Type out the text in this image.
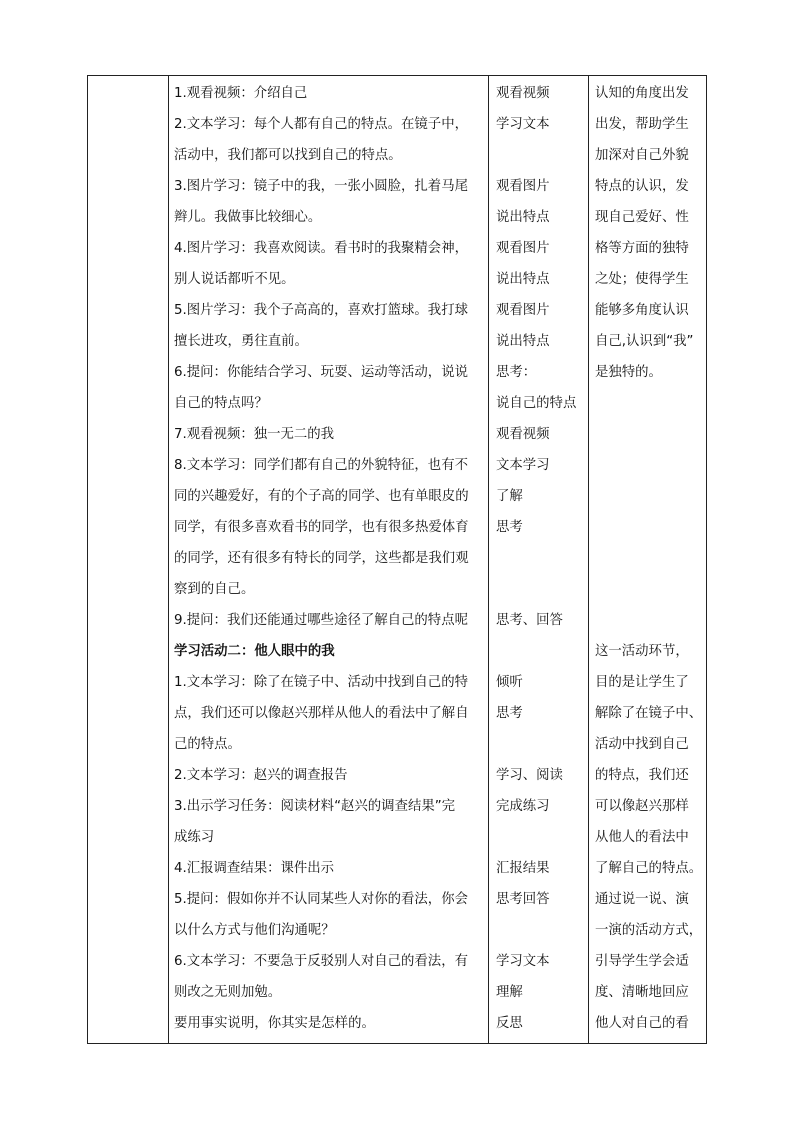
1.观看视频：介绍自己
2.文本学习：每个人都有自己的特点。在镜子中，
活动中，我们都可以找到自己的特点。
3.图片学习：镜子中的我，一张小圆脸，扎着马尾
辫儿。我做事比较细心。
4.图片学习：我喜欢阅读。看书时的我聚精会神，
别人说话都听不见。
5.图片学习：我个子高高的，喜欢打篮球。我打球
擅长进攻，勇往直前。
6.提问：你能结合学习、玩耍、运动等活动，说说
自己的特点吗？
7.观看视频：独一无二的我
8.文本学习：同学们都有自己的外貌特征，也有不
同的兴趣爱好，有的个子高的同学、也有单眼皮的
同学，有很多喜欢看书的同学，也有很多热爱体育
的同学，还有很多有特长的同学，这些都是我们观
察到的自己。
9.提问：我们还能通过哪些途径了解自己的特点呢
学习活动二：他人眼中的我
1.文本学习：除了在镜子中、活动中找到自己的特
点，我们还可以像赵兴那样从他人的看法中了解自
己的特点。
2.文本学习：赵兴的调查报告
3.出示学习任务：阅读材料“赵兴的调查结果”完
成练习
4.汇报调查结果：课件出示
5.提问：假如你并不认同某些人对你的看法，你会
以什么方式与他们沟通呢？
6.文本学习：不要急于反驳别人对自己的看法，有
则改之无则加勉。
要用事实说明，你其实是怎样的。
观看视频
学习文本
观看图片
说出特点
观看图片
说出特点
观看图片
说出特点
思考：
说自己的特点
观看视频
文本学习
了解
思考
思考、回答
倾听
思考
学习、阅读
完成练习
汇报结果
思考回答
学习文本
理解
反思
认知的角度出发
出发，帮助学生
加深对自己外貌
特点的认识，发
现自己爱好、性
格等方面的独特
之处；使得学生
能够多角度认识
自己,认识到“我”
是独特的。
这一活动环节，
目的是让学生了
解除了在镜子中、
活动中找到自己
的特点，我们还
可以像赵兴那样
从他人的看法中
了解自己的特点。
通过说一说、演
一演的活动方式，
引导学生学会适
度、清晰地回应
他人对自己的看
